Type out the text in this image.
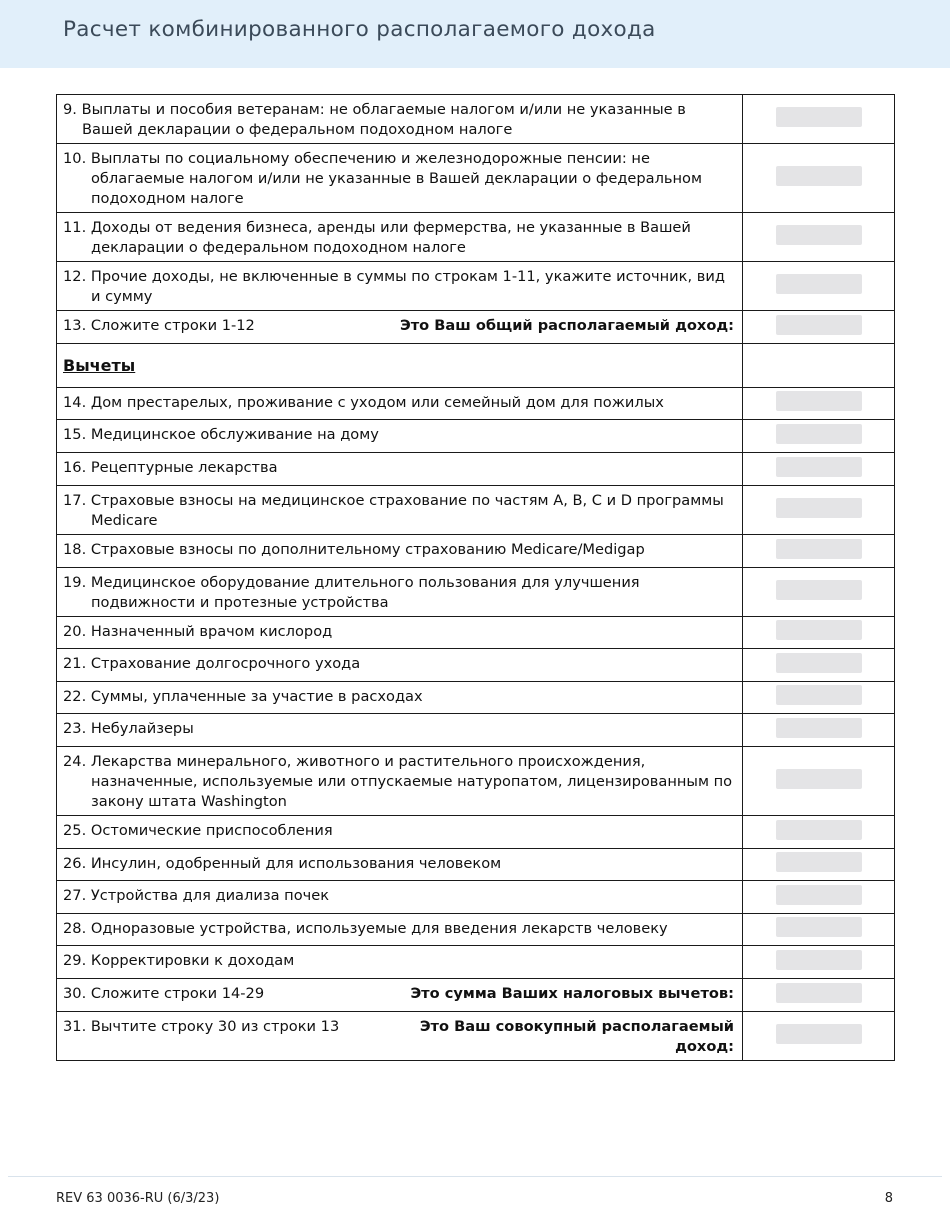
Расчет комбинированного располагаемого дохода
9. Выплаты и пособия ветеранам: не облагаемые налогом и/или не указанные в Вашей декларации о федеральном подоходном налоге	

10. Выплаты по социальному обеспечению и железнодорожные пенсии: не облагаемые налогом и/или не указанные в Вашей декларации о федеральном подоходном налоге	

11. Доходы от ведения бизнеса, аренды или фермерства, не указанные в Вашей декларации о федеральном подоходном налоге	

12. Прочие доходы, не включенные в суммы по строкам 1-11, укажите источник, вид и сумму	

13. Сложите строки 1-12 Это Ваш общий располагаемый доход:	

Вычеты	

14. Дом престарелых, проживание с уходом или семейный дом для пожилых	

15. Медицинское обслуживание на дому	

16. Рецептурные лекарства	

17. Страховые взносы на медицинское страхование по частям A, B, C и D программы Medicare	

18. Страховые взносы по дополнительному страхованию Medicare/Medigap	

19. Медицинское оборудование длительного пользования для улучшения подвижности и протезные устройства	

20. Назначенный врачом кислород	

21. Страхование долгосрочного ухода	

22. Суммы, уплаченные за участие в расходах	

23. Небулайзеры	

24. Лекарства минерального, животного и растительного происхождения, назначенные, используемые или отпускаемые натуропатом, лицензированным по закону штата Washington	

25. Остомические приспособления	

26. Инсулин, одобренный для использования человеком	

27. Устройства для диализа почек	

28. Одноразовые устройства, используемые для введения лекарств человеку	

29. Корректировки к доходам	

30. Сложите строки 14-29 Это сумма Ваших налоговых вычетов:	

31. Вычтите строку 30 из строки 13 Это Ваш совокупный располагаемый доход:	

REV 63 0036-RU (6/3/23)	8
